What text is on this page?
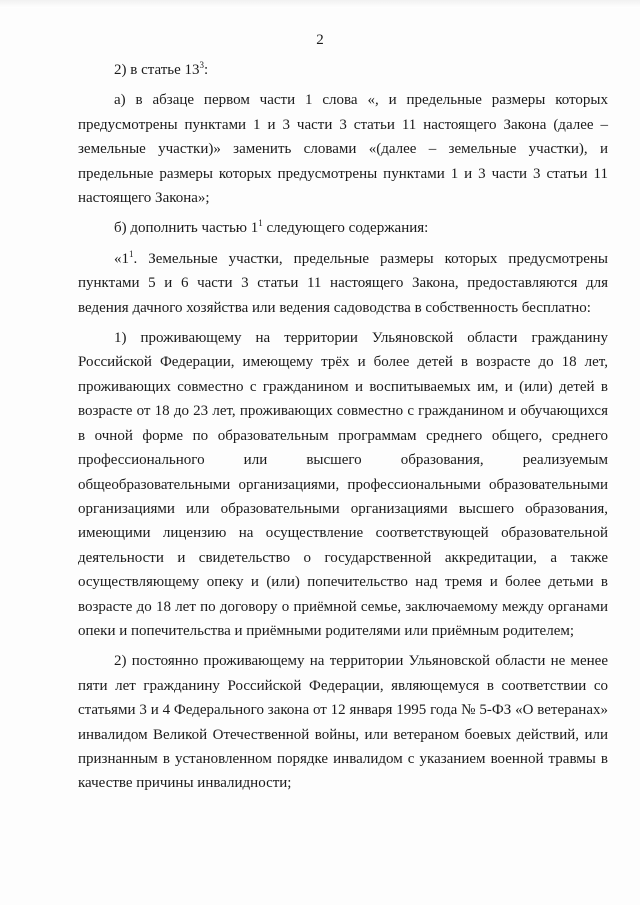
2

2) в статье $13^3$:

а) в абзаце первом части 1 слова «, и предельные размеры которых предусмотрены пунктами 1 и 3 части 3 статьи 11 настоящего Закона (далее – земельные участки)» заменить словами «(далее – земельные участки), и предельные размеры которых предусмотрены пунктами 1 и 3 части 3 статьи 11 настоящего Закона»;

б) дополнить частью $1^1$ следующего содержания:

«$1^1$. Земельные участки, предельные размеры которых предусмотрены пунктами 5 и 6 части 3 статьи 11 настоящего Закона, предоставляются для ведения дачного хозяйства или ведения садоводства в собственность бесплатно:

1) проживающему на территории Ульяновской области гражданину Российской Федерации, имеющему трёх и более детей в возрасте до 18 лет, проживающих совместно с гражданином и воспитываемых им, и (или) детей в возрасте от 18 до 23 лет, проживающих совместно с гражданином и обучающихся в очной форме по образовательным программам среднего общего, среднего профессионального или высшего образования, реализуемым общеобразовательными организациями, профессиональными образовательными организациями или образовательными организациями высшего образования, имеющими лицензию на осуществление соответствующей образовательной деятельности и свидетельство о государственной аккредитации, а также осуществляющему опеку и (или) попечительство над тремя и более детьми в возрасте до 18 лет по договору о приёмной семье, заключаемому между органами опеки и попечительства и приёмными родителями или приёмным родителем;

2) постоянно проживающему на территории Ульяновской области не менее пяти лет гражданину Российской Федерации, являющемуся в соответствии со статьями 3 и 4 Федерального закона от 12 января 1995 года № 5-ФЗ «О ветеранах» инвалидом Великой Отечественной войны, или ветераном боевых действий, или признанным в установленном порядке инвалидом с указанием военной травмы в качестве причины инвалидности;
